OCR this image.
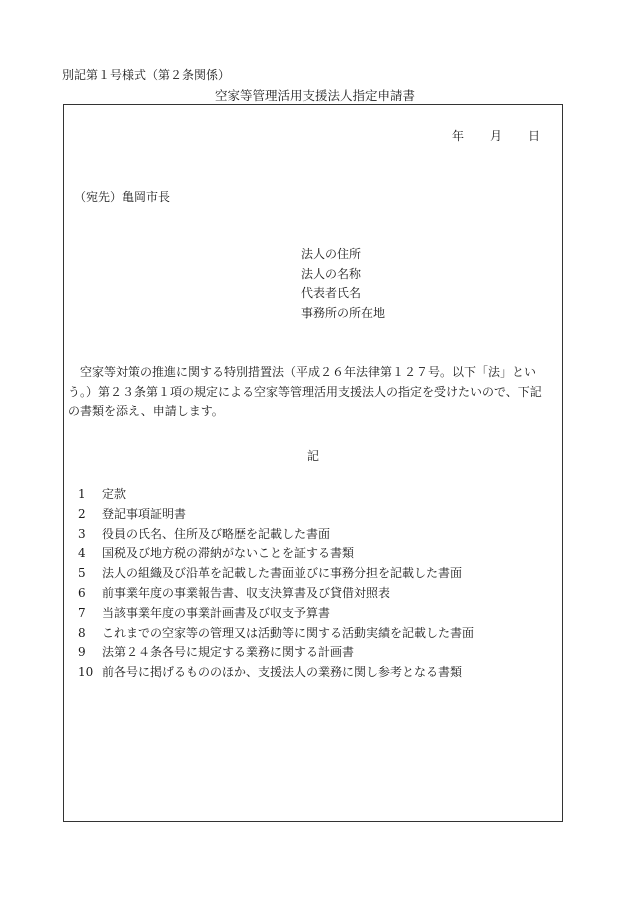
別記第１号様式（第２条関係）
空家等管理活用支援法人指定申請書
年 月 日
（宛先）亀岡市長
法人の住所
法人の名称
代表者氏名
事務所の所在地
　空家等対策の推進に関する特別措置法（平成２６年法律第１２７号。以下「法」とい
う。）第２３条第１項の規定による空家等管理活用支援法人の指定を受けたいので、下記
の書類を添え、申請します。
記
1	定款
2	登記事項証明書
3	役員の氏名、住所及び略歴を記載した書面
4	国税及び地方税の滞納がないことを証する書類
5	法人の組織及び沿革を記載した書面並びに事務分担を記載した書面
6	前事業年度の事業報告書、収支決算書及び貸借対照表
7	当該事業年度の事業計画書及び収支予算書
8	これまでの空家等の管理又は活動等に関する活動実績を記載した書面
9	法第２４条各号に規定する業務に関する計画書
10 前各号に掲げるもののほか、支援法人の業務に関し参考となる書類
